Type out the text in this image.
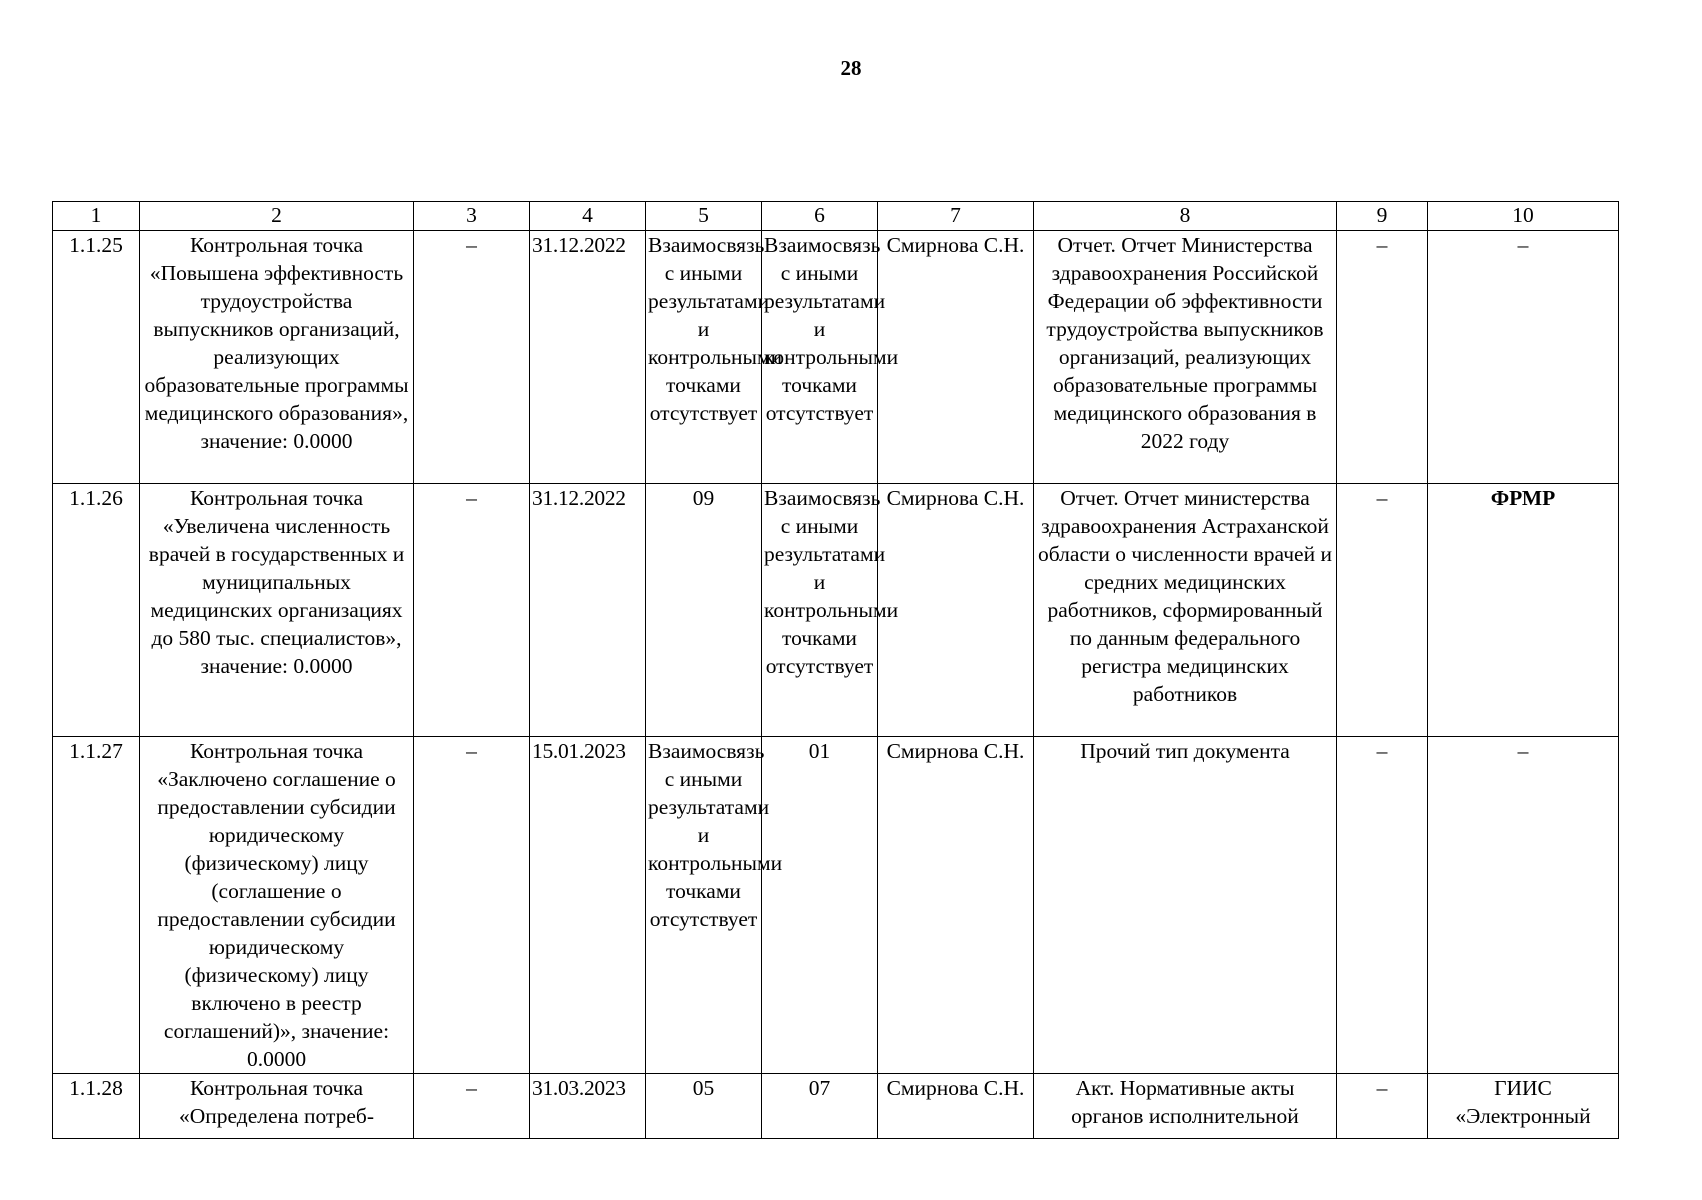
28
1	2	3	4	5	6	7	8	9	10
1.1.25	Контрольная точка «Повышена эффективность трудоустройства выпускников организаций, реализующих образовательные программы медицинского образования», значение: 0.0000	–	31.12.2022	Взаимосвязь с иными результатами и контрольными точками отсутствует	Взаимосвязь с иными результатами и контрольными точками отсутствует	Смирнова С.Н.	Отчет. Отчет Министерства здравоохранения Российской Федерации об эффективности трудоустройства выпускников организаций, реализующих образовательные программы медицинского образования в 2022 году	–	–
1.1.26	Контрольная точка «Увеличена численность врачей в государственных и муниципальных медицинских организациях до 580 тыс. специалистов», значение: 0.0000	–	31.12.2022	09	Взаимосвязь с иными результатами и контрольными точками отсутствует	Смирнова С.Н.	Отчет. Отчет министерства здравоохранения Астраханской области о численности врачей и средних медицинских работников, сформированный по данным федерального регистра медицинских работников	–	ФРМР
1.1.27	Контрольная точка «Заключено соглашение о предоставлении субсидии юридическому (физическому) лицу (соглашение о предоставлении субсидии юридическому (физическому) лицу включено в реестр соглашений)», значение: 0.0000	–	15.01.2023	Взаимосвязь с иными результатами и контрольными точками отсутствует	01	Смирнова С.Н.	Прочий тип документа	–	–
1.1.28	Контрольная точка «Определена потреб-	–	31.03.2023	05	07	Смирнова С.Н.	Акт. Нормативные акты органов исполнительной	–	ГИИС «Электронный
